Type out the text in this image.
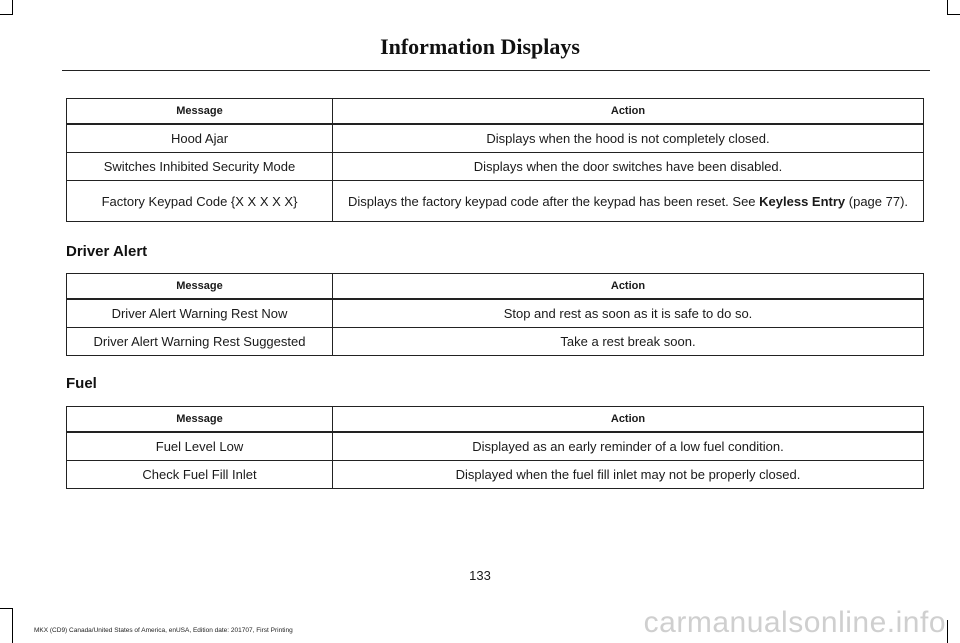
Information Displays
Message	Action
Hood Ajar	Displays when the hood is not completely closed.
Switches Inhibited Security Mode	Displays when the door switches have been disabled.
Factory Keypad Code {X X X X X}	Displays the factory keypad code after the keypad has been reset. See Keyless Entry (page 77).
Driver Alert
Message	Action
Driver Alert Warning Rest Now	Stop and rest as soon as it is safe to do so.
Driver Alert Warning Rest Suggested	Take a rest break soon.
Fuel
Message	Action
Fuel Level Low	Displayed as an early reminder of a low fuel condition.
Check Fuel Fill Inlet	Displayed when the fuel fill inlet may not be properly closed.
133
MKX (CD9) Canada/United States of America, enUSA, Edition date: 201707, First Printing	carmanualsonline.info
